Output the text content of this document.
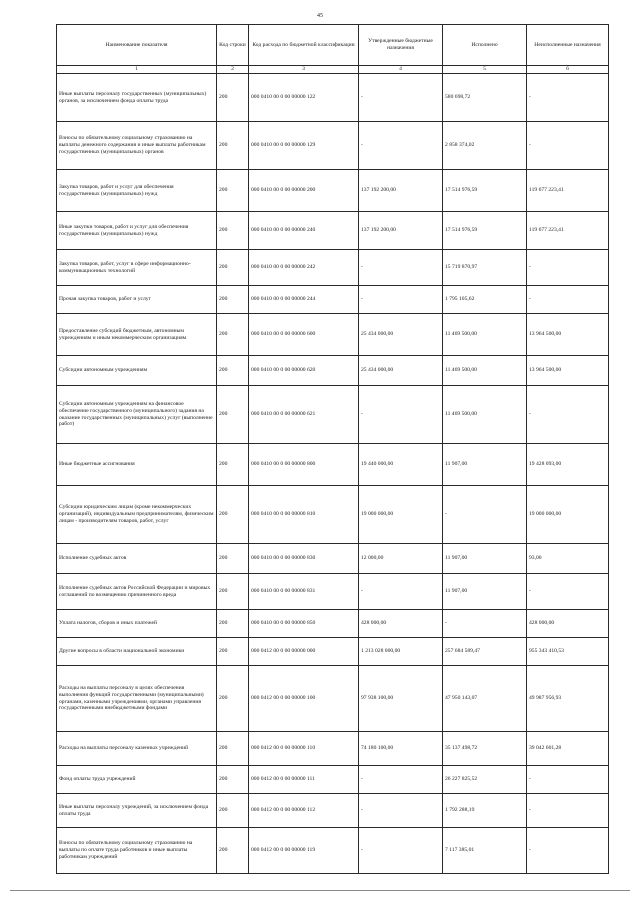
45
Наименование показателя	Код строки	Код расхода по бюджетной классификации	Утвержденные бюджетные назначения	Исполнено	Неисполненные назначения
1	2	3	4	5	6
Иные выплаты персоналу государственных (муниципальных) органов, за исключением фонда оплаты труда	200	000 0410 00 0 00 00000 122	-	580 698,72	-
Взносы по обязательному социальному страхованию на выплаты денежного содержания и иные выплаты работникам государственных (муниципальных) органов	200	000 0410 00 0 00 00000 129	-	2 858 374,02	-
Закупка товаров, работ и услуг для обеспечения государственных (муниципальных) нужд	200	000 0410 00 0 00 00000 200	137 192 200,00	17 514 976,59	119 677 223,41
Иные закупки товаров, работ и услуг для обеспечения государственных (муниципальных) нужд	200	000 0410 00 0 00 00000 240	137 192 200,00	17 514 976,59	119 677 223,41
Закупка товаров, работ, услуг в сфере информационно-коммуникационных технологий	200	000 0410 00 0 00 00000 242	-	15 719 870,97	-
Прочая закупка товаров, работ и услуг	200	000 0410 00 0 00 00000 244	-	1 795 105,62	-
Предоставление субсидий бюджетным, автономным учреждениям и иным некоммерческим организациям	200	000 0410 00 0 00 00000 600	25 434 000,00	11 469 500,00	13 964 500,00
Субсидии автономным учреждениям	200	000 0410 00 0 00 00000 620	25 434 000,00	11 469 500,00	13 964 500,00
Субсидии автономным учреждениям на финансовое обеспечение государственного (муниципального) задания на оказание государственных (муниципальных) услуг (выполнение работ)	200	000 0410 00 0 00 00000 621	-	11 469 500,00	-
Иные бюджетные ассигнования	200	000 0410 00 0 00 00000 800	19 440 000,00	11 907,00	19 428 093,00
Субсидии юридическим лицам (кроме некоммерческих организаций), индивидуальным предпринимателям, физическим лицам - производителям товаров, работ, услуг	200	000 0410 00 0 00 00000 810	19 000 000,00	-	19 000 000,00
Исполнение судебных актов	200	000 0410 00 0 00 00000 830	12 000,00	11 907,00	93,00
Исполнение судебных актов Российской Федерации и мировых соглашений по возмещению причиненного вреда	200	000 0410 00 0 00 00000 831	-	11 907,00	-
Уплата налогов, сборов и иных платежей	200	000 0410 00 0 00 00000 850	428 000,00	-	428 000,00
Другие вопросы в области национальной экономики	200	000 0412 00 0 00 00000 000	1 213 028 000,00	257 684 589,47	955 343 410,53
Расходы на выплаты персоналу в целях обеспечения выполнения функций государственными (муниципальными) органами, казенными учреждениями, органами управления государственными внебюджетными фондами	200	000 0412 00 0 00 00000 100	97 938 100,00	47 950 143,07	49 987 956,93
Расходы на выплаты персоналу казенных учреждений	200	000 0412 00 0 00 00000 110	74 180 100,00	35 137 498,72	39 042 601,28
Фонд оплаты труда учреждений	200	000 0412 00 0 00 00000 111	-	26 227 825,52	-
Иные выплаты персоналу учреждений, за исключением фонда оплаты труда	200	000 0412 00 0 00 00000 112	-	1 792 288,19	-
Взносы по обязательному социальному страхованию на выплаты по оплате труда работников и иные выплаты работникам учреждений	200	000 0412 00 0 00 00000 119	-	7 117 385,01	-
